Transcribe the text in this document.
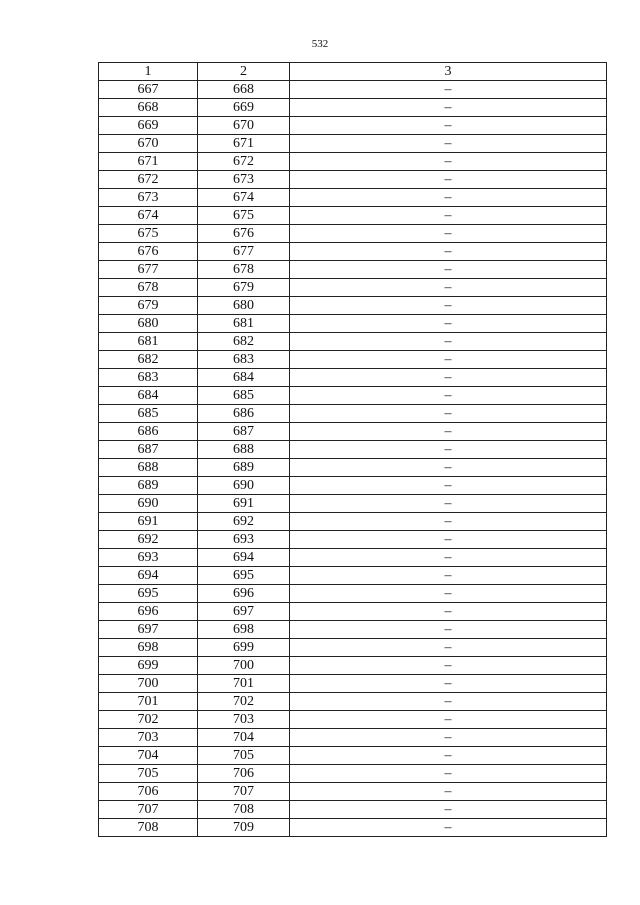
532
1	2	3
667	668	–
668	669	–
669	670	–
670	671	–
671	672	–
672	673	–
673	674	–
674	675	–
675	676	–
676	677	–
677	678	–
678	679	–
679	680	–
680	681	–
681	682	–
682	683	–
683	684	–
684	685	–
685	686	–
686	687	–
687	688	–
688	689	–
689	690	–
690	691	–
691	692	–
692	693	–
693	694	–
694	695	–
695	696	–
696	697	–
697	698	–
698	699	–
699	700	–
700	701	–
701	702	–
702	703	–
703	704	–
704	705	–
705	706	–
706	707	–
707	708	–
708	709	–
